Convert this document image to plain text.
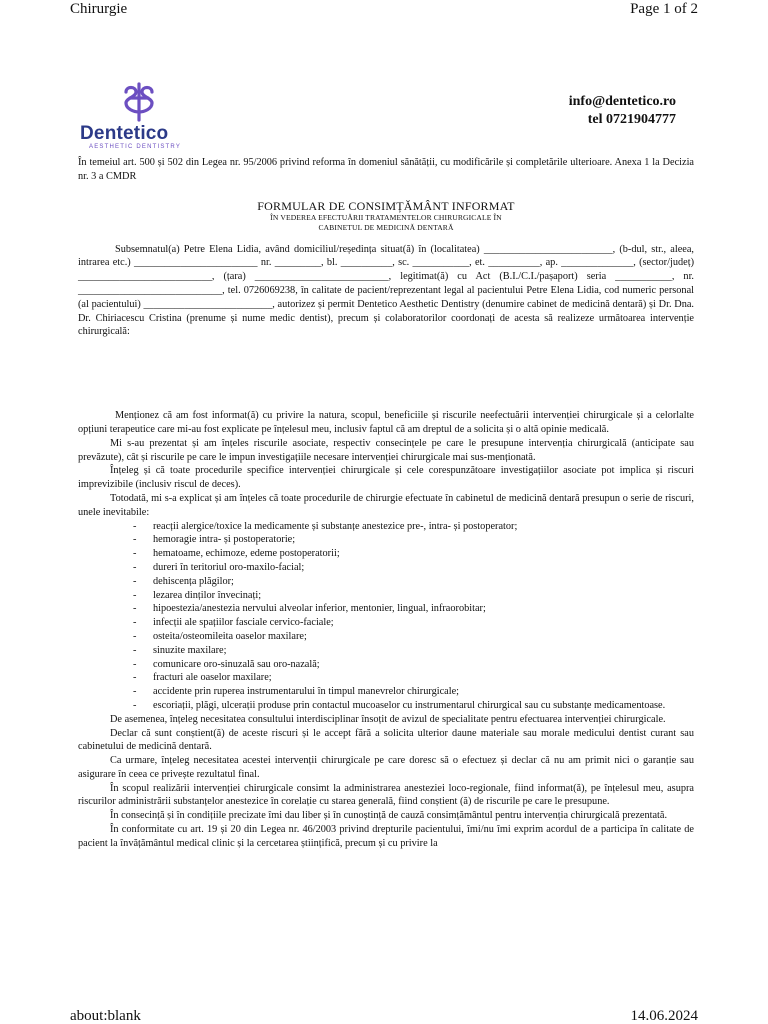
Chirurgie	Page 1 of 2
Dentetico
AESTHETIC DENTISTRY
info@dentetico.ro
tel 0721904777

În temeiul art. 500 și 502 din Legea nr. 95/2006 privind reforma în domeniul sănătății, cu modificările și completările ulterioare. Anexa 1 la Decizia nr. 3 a CMDR

FORMULAR DE CONSIMȚĂMÂNT INFORMAT
ÎN VEDEREA EFECTUĂRII TRATAMENTELOR CHIRURGICALE ÎN
CABINETUL DE MEDICINĂ DENTARĂ

Subsemnatul(a) Petre Elena Lidia, având domiciliul/reședința situat(ă) în (localitatea) _________________________, (b-dul, str., aleea, intrarea etc.) ________________________ nr. _________, bl. __________, sc. ___________, et. __________, ap. ______________, (sector/județ) __________________________, (țara) __________________________, legitimat(ă) cu Act (B.I./C.I./pașaport) seria ___________, nr. ____________________________, tel. 0726069238, în calitate de pacient/reprezentant legal al pacientului Petre Elena Lidia, cod numeric personal (al pacientului) _________________________, autorizez și permit Dentetico Aesthetic Dentistry (denumire cabinet de medicină dentară) și Dr. Dna. Dr. Chiriacescu Cristina (prenume și nume medic dentist), precum și colaboratorilor coordonați de acesta să realizeze următoarea intervenție chirurgicală:

Menționez că am fost informat(ă) cu privire la natura, scopul, beneficiile și riscurile neefectuării intervenției chirurgicale și a celorlalte opțiuni terapeutice care mi-au fost explicate pe înțelesul meu, inclusiv faptul că am dreptul de a solicita și o altă opinie medicală.

Mi s-au prezentat și am înțeles riscurile asociate, respectiv consecințele pe care le presupune intervenția chirurgicală (anticipate sau prevăzute), cât și riscurile pe care le impun investigațiile necesare intervenției chirurgicale mai sus-menționată.

Înțeleg și că toate procedurile specifice intervenției chirurgicale și cele corespunzătoare investigațiilor asociate pot implica și riscuri imprevizibile (inclusiv riscul de deces).

Totodată, mi s-a explicat și am înțeles că toate procedurile de chirurgie efectuate în cabinetul de medicină dentară presupun o serie de riscuri, unele inevitabile:

- reacții alergice/toxice la medicamente și substanțe anestezice pre-, intra- și postoperator;
- hemoragie intra- și postoperatorie;
- hematoame, echimoze, edeme postoperatorii;
- dureri în teritoriul oro-maxilo-facial;
- dehiscența plăgilor;
- lezarea dinților învecinați;
- hipoestezia/anestezia nervului alveolar inferior, mentonier, lingual, infraorobitar;
- infecții ale spațiilor fasciale cervico-faciale;
- osteita/osteomileita oaselor maxilare;
- sinuzite maxilare;
- comunicare oro-sinuzală sau oro-nazală;
- fracturi ale oaselor maxilare;
- accidente prin ruperea instrumentarului în timpul manevrelor chirurgicale;
- escoriații, plăgi, ulcerații produse prin contactul mucoaselor cu instrumentarul chirurgical sau cu substanțe medicamentoase.

De asemenea, înțeleg necesitatea consultului interdisciplinar însoțit de avizul de specialitate pentru efectuarea intervenției chirurgicale.

Declar că sunt conștient(ă) de aceste riscuri și le accept fără a solicita ulterior daune materiale sau morale medicului dentist curant sau cabinetului de medicină dentară.

Ca urmare, înțeleg necesitatea acestei intervenții chirurgicale pe care doresc să o efectuez și declar că nu am primit nici o garanție sau asigurare în ceea ce privește rezultatul final.

În scopul realizării intervenției chirurgicale consimt la administrarea anesteziei loco-regionale, fiind informat(ă), pe înțelesul meu, asupra riscurilor administrării substanțelor anestezice în corelație cu starea generală, fiind conștient (ă) de riscurile pe care le presupune.

În consecință și în condițiile precizate îmi dau liber și în cunoștință de cauză consimțământul pentru intervenția chirurgicală prezentată.

În conformitate cu art. 19 și 20 din Legea nr. 46/2003 privind drepturile pacientului, îmi/nu îmi exprim acordul de a participa în calitate de pacient la învățământul medical clinic și la cercetarea științifică, precum și cu privire la

about:blank	14.06.2024
